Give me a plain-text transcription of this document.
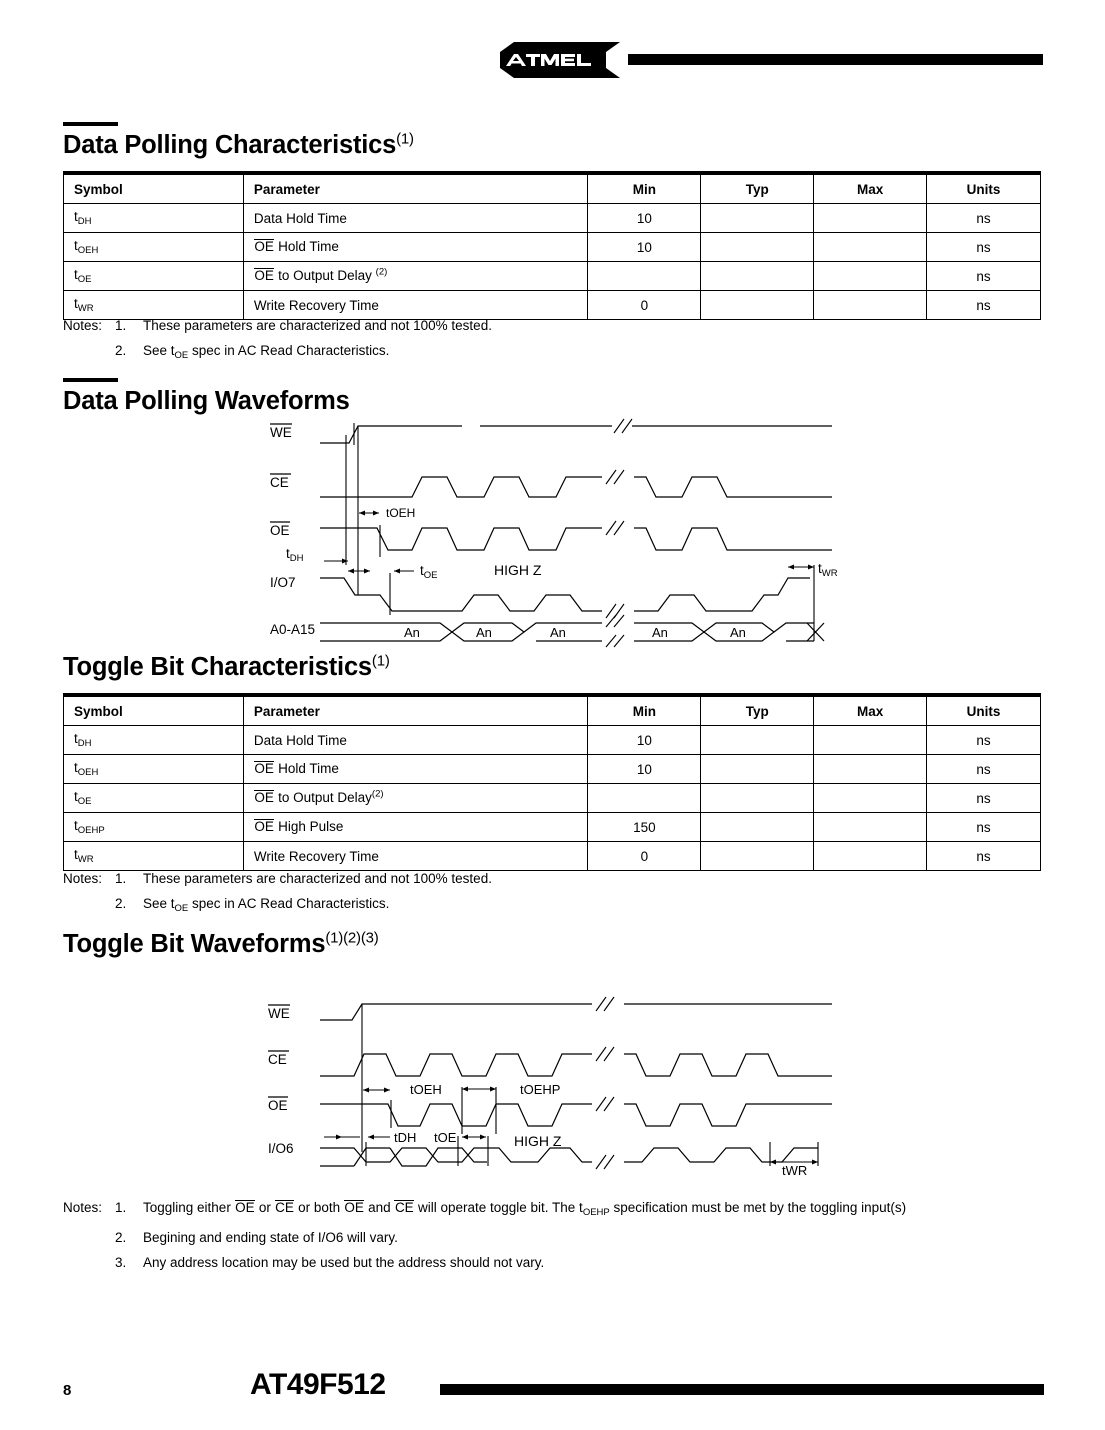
Data Polling Characteristics$^{(1)}$
Symbol	Parameter	Min	Typ	Max	Units
$t_{DH}$	Data Hold Time	10			ns
$t_{OEH}$	OE Hold Time	10			ns
$t_{OE}$	OE to Output Delay $^{(2)}$				ns
$t_{WR}$	Write Recovery Time	0			ns
Notes: 1.	These parameters are characterized and not 100% tested.
2.	See $t_{OE}$ spec in AC Read Characteristics.
Data Polling Waveforms
WE
CE
OE
I/O7
A0-A15
tOEH
$t_{DH}$
$t_{OE}$	HIGH Z	$t_{WR}$
An	An	An	An	An
Toggle Bit Characteristics$^{(1)}$
Symbol	Parameter	Min	Typ	Max	Units
$t_{DH}$	Data Hold Time	10			ns
$t_{OEH}$	OE Hold Time	10			ns
$t_{OE}$	OE to Output Delay$^{(2)}$				ns
$t_{OEHP}$	OE High Pulse	150			ns
$t_{WR}$	Write Recovery Time	0			ns
Notes: 1.	These parameters are characterized and not 100% tested.
2.	See $t_{OE}$ spec in AC Read Characteristics.
Toggle Bit Waveforms$^{(1)(2)(3)}$
WE
CE
OE
I/O6
tOEH	tOEHP
tDH tOE	HIGH Z
tWR
Notes: 1.	Toggling either OE or CE or both OE and CE will operate toggle bit. The $t_{OEHP}$ specification must be met by the toggling input(s)
2.	Begining and ending state of I/O6 will vary.
3.	Any address location may be used but the address should not vary.
8	AT49F512
